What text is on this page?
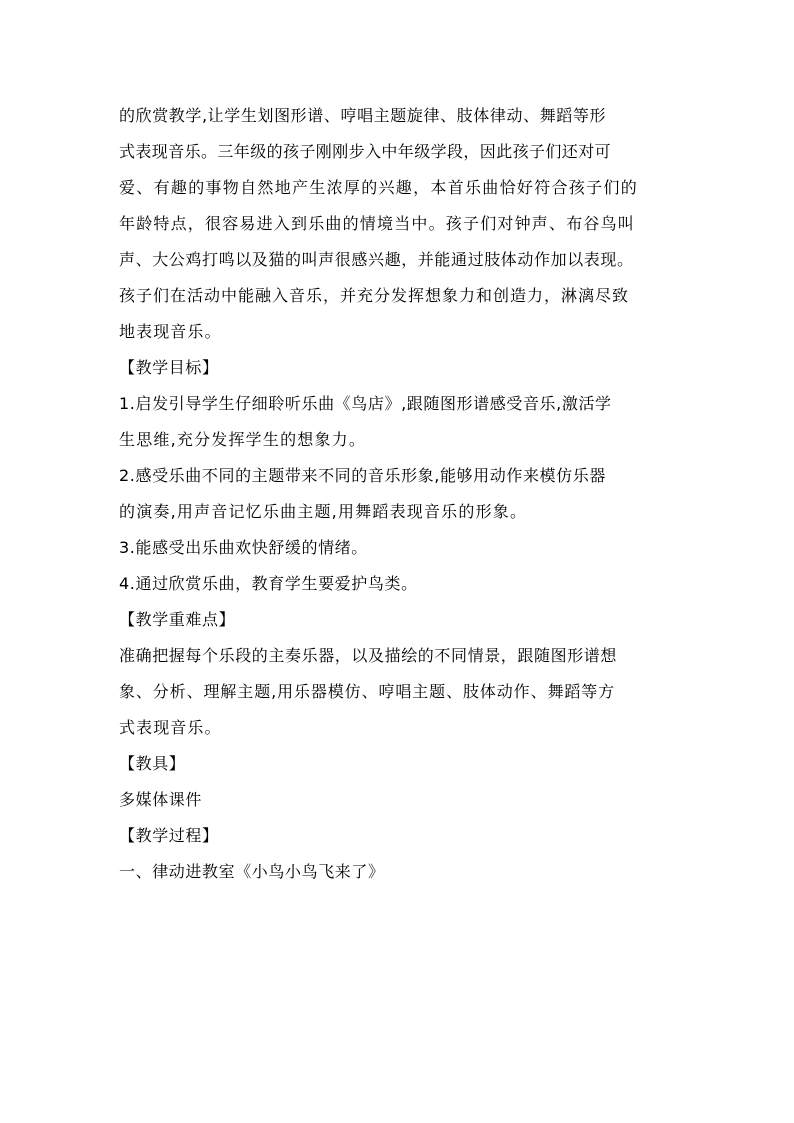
的欣赏教学,让学生划图形谱、哼唱主题旋律、肢体律动、舞蹈等形
式表现音乐。三年级的孩子刚刚步入中年级学段，因此孩子们还对可
爱、有趣的事物自然地产生浓厚的兴趣，本首乐曲恰好符合孩子们的
年龄特点，很容易进入到乐曲的情境当中。孩子们对钟声、布谷鸟叫
声、大公鸡打鸣以及猫的叫声很感兴趣，并能通过肢体动作加以表现。
孩子们在活动中能融入音乐，并充分发挥想象力和创造力，淋漓尽致
地表现音乐。
【教学目标】
1.启发引导学生仔细聆听乐曲《鸟店》,跟随图形谱感受音乐,激活学
生思维,充分发挥学生的想象力。
2.感受乐曲不同的主题带来不同的音乐形象,能够用动作来模仿乐器
的演奏,用声音记忆乐曲主题,用舞蹈表现音乐的形象。
3.能感受出乐曲欢快舒缓的情绪。
4.通过欣赏乐曲，教育学生要爱护鸟类。
【教学重难点】
准确把握每个乐段的主奏乐器，以及描绘的不同情景，跟随图形谱想
象、分析、理解主题,用乐器模仿、哼唱主题、肢体动作、舞蹈等方
式表现音乐。
【教具】
多媒体课件
【教学过程】
一、律动进教室《小鸟小鸟飞来了》
